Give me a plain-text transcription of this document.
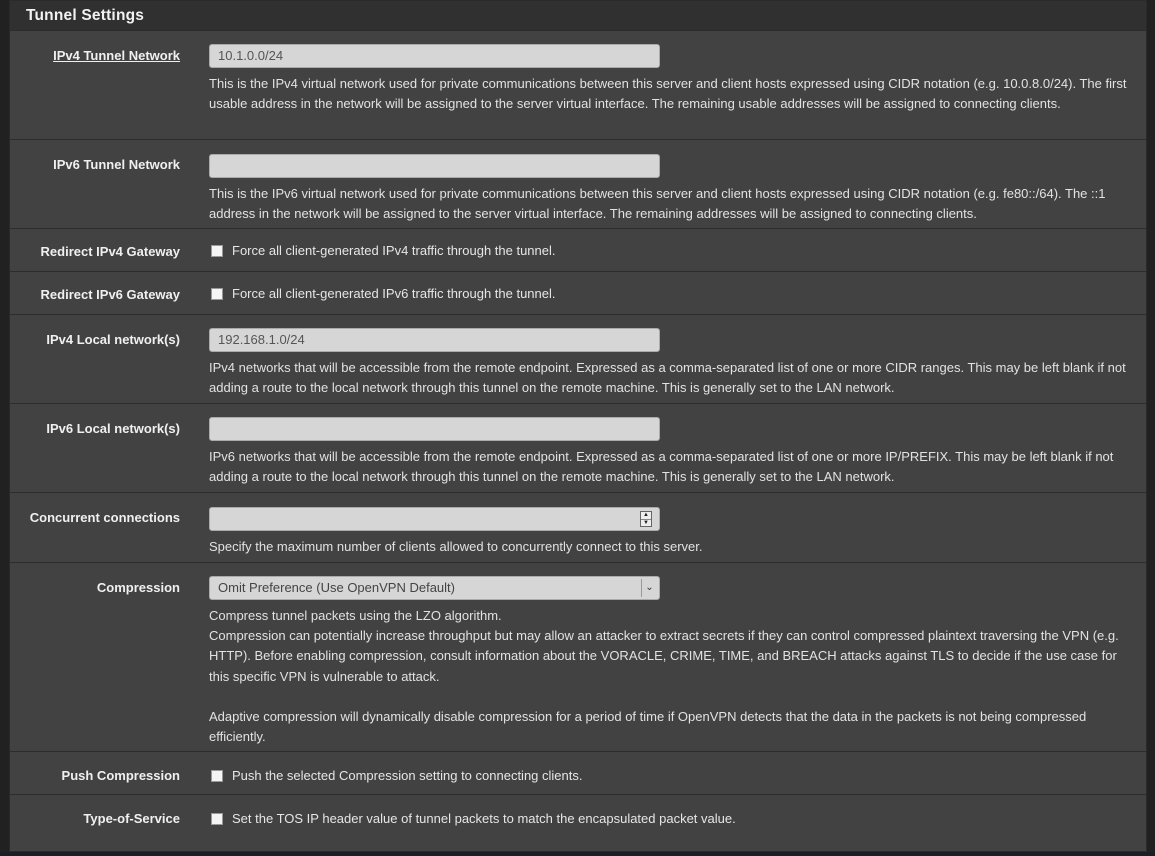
Tunnel Settings
IPv4 Tunnel Network	10.1.0.0/24

This is the IPv4 virtual network used for private communications between this server and client hosts expressed using CIDR notation (e.g. 10.0.8.0/24). The first usable address in the network will be assigned to the server virtual interface. The remaining usable addresses will be assigned to connecting clients.

IPv6 Tunnel Network

This is the IPv6 virtual network used for private communications between this server and client hosts expressed using CIDR notation (e.g. fe80::/64). The ::1 address in the network will be assigned to the server virtual interface. The remaining addresses will be assigned to connecting clients.

Redirect IPv4 Gateway	Force all client-generated IPv4 traffic through the tunnel.
Redirect IPv6 Gateway	Force all client-generated IPv6 traffic through the tunnel.
IPv4 Local network(s)	192.168.1.0/24

IPv4 networks that will be accessible from the remote endpoint. Expressed as a comma-separated list of one or more CIDR ranges. This may be left blank if not adding a route to the local network through this tunnel on the remote machine. This is generally set to the LAN network.

IPv6 Local network(s)

IPv6 networks that will be accessible from the remote endpoint. Expressed as a comma-separated list of one or more IP/PREFIX. This may be left blank if not adding a route to the local network through this tunnel on the remote machine. This is generally set to the LAN network.

Concurrent connections	▲
▼

Specify the maximum number of clients allowed to concurrently connect to this server.

Compression	Omit Preference (Use OpenVPN Default)	⌄

Compress tunnel packets using the LZO algorithm.

Compression can potentially increase throughput but may allow an attacker to extract secrets if they can control compressed plaintext traversing the VPN (e.g. HTTP). Before enabling compression, consult information about the VORACLE, CRIME, TIME, and BREACH attacks against TLS to decide if the use case for this specific VPN is vulnerable to attack.

Adaptive compression will dynamically disable compression for a period of time if OpenVPN detects that the data in the packets is not being compressed efficiently.

Push Compression	Push the selected Compression setting to connecting clients.
Type-of-Service	Set the TOS IP header value of tunnel packets to match the encapsulated packet value.
